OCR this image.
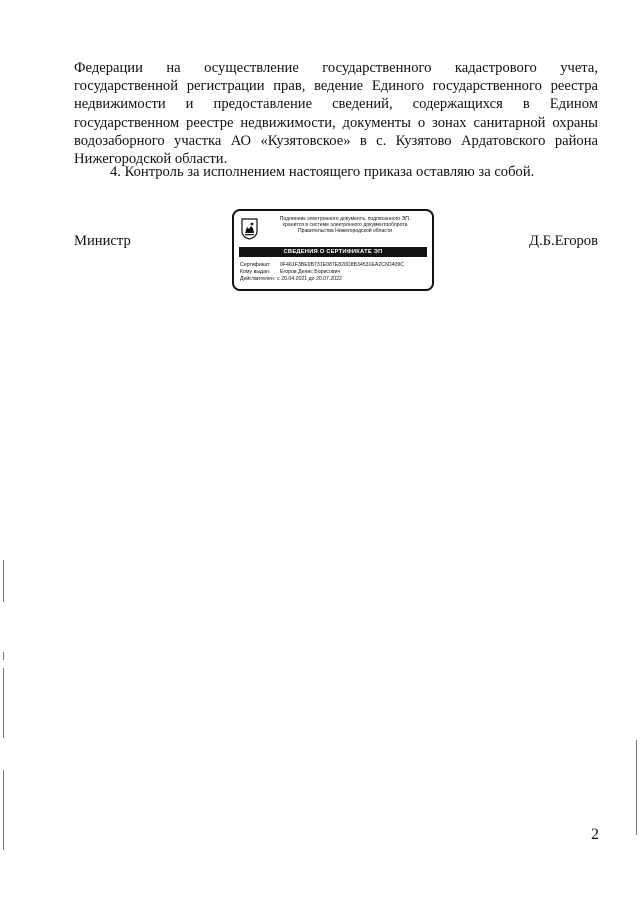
Федерации на осуществление государственного кадастрового учета, государственной регистрации прав, ведение Единого государственного реестра недвижимости и предоставление сведений, содержащихся в Едином государственном реестре недвижимости, документы о зонах санитарной охраны водозаборного участка АО «Кузятовское» в с. Кузятово Ардатовского района
Нижегородской области.
4. Контроль за исполнением настоящего приказа оставляю за собой.
Министр	Д.Б.Егоров
Подлинник электронного документа, подписанного ЭП,
хранится в системе электронного документооборота
Правительства Нижегородской области
СВЕДЕНИЯ О СЕРТИФИКАТЕ ЭП
Сертификат: 0F461F3BE9B731E087E820D8B34531EA2C6D409C
Кому выдан: Егоров Денис Борисович
Действителен: с 20.04.2021 до 20.07.2022
2
